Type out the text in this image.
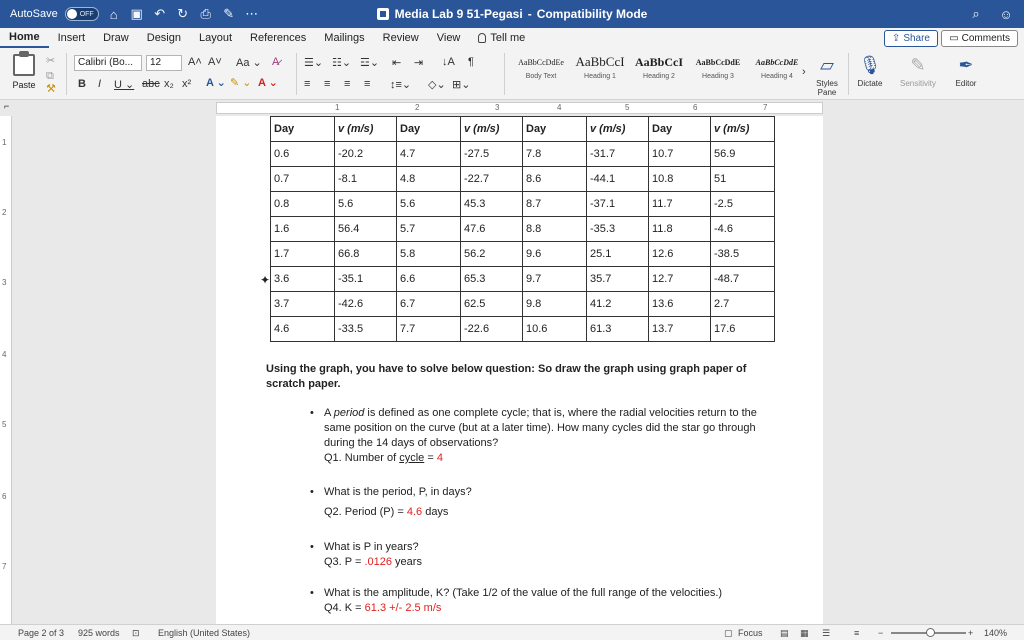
AutoSave	OFF	⌂ ▣ ↶ ↻ ⎙ ✎ ⋯	Media Lab 9 51-Pegasi - Compatibility Mode	⌕	☺
Home	Insert	Draw	Design	Layout	References	Mailings	Review	View	Tell me	⇪ Share ▭ Comments
Paste
✂
⧉
⚒
Calibri (Bo...	12	A˄ A˅ Aa ⌄ A̷
B I U ⌄ abc x₂ x² A ⌄ ✎ ⌄ A ⌄
☰⌄ ☷⌄ ☲⌄ ⇤ ⇥ ↓A ¶
≡ ≡ ≡ ≡ ↕≡⌄ ◇⌄ ⊞⌄
AaBbCcDdEe
Body Text
AaBbCcI
Heading 1
AaBbCcI
Heading 2
AaBbCcDdE
Heading 3
AaBbCcDdE
Heading 4 › ▱
Styles Pane
🎙
Dictate
✎
Sensitivity
✒
Editor
⌐	1	2	3	4	5	6	7
1
2
3
4
5
6
7
Day	v (m/s)	Day	v (m/s)	Day	v (m/s)	Day	v (m/s)
0.6	-20.2	4.7	-27.5	7.8	-31.7	10.7	56.9
0.7	-8.1	4.8	-22.7	8.6	-44.1	10.8	51
0.8	5.6	5.6	45.3	8.7	-37.1	11.7	-2.5
1.6	56.4	5.7	47.6	8.8	-35.3	11.8	-4.6
1.7	66.8	5.8	56.2	9.6	25.1	12.6	-38.5
3.6	-35.1	6.6	65.3	9.7	35.7	12.7	-48.7
3.7	-42.6	6.7	62.5	9.8	41.2	13.6	2.7
4.6	-33.5	7.7	-22.6	10.6	61.3	13.7	17.6
✦
Using the graph, you have to solve below question: So draw the graph using graph paper of scratch paper.
• A period is defined as one complete cycle; that is, where the radial velocities return to the same position on the curve (but at a later time). How many cycles did the star go through during the 14 days of observations?
Q1. Number of cycle = 4
• What is the period, P, in days?

Q2. Period (P) = 4.6 days
• What is P in years?
Q3. P = .0126 years
• What is the amplitude, K? (Take 1/2 of the value of the full range of the velocities.)
Q4. K = 61.3 +/- 2.5 m/s
Page 2 of 3 925 words ⊡ English (United States)	▢ Focus ▤ ▦ ☰	≡ −	+ 140%
